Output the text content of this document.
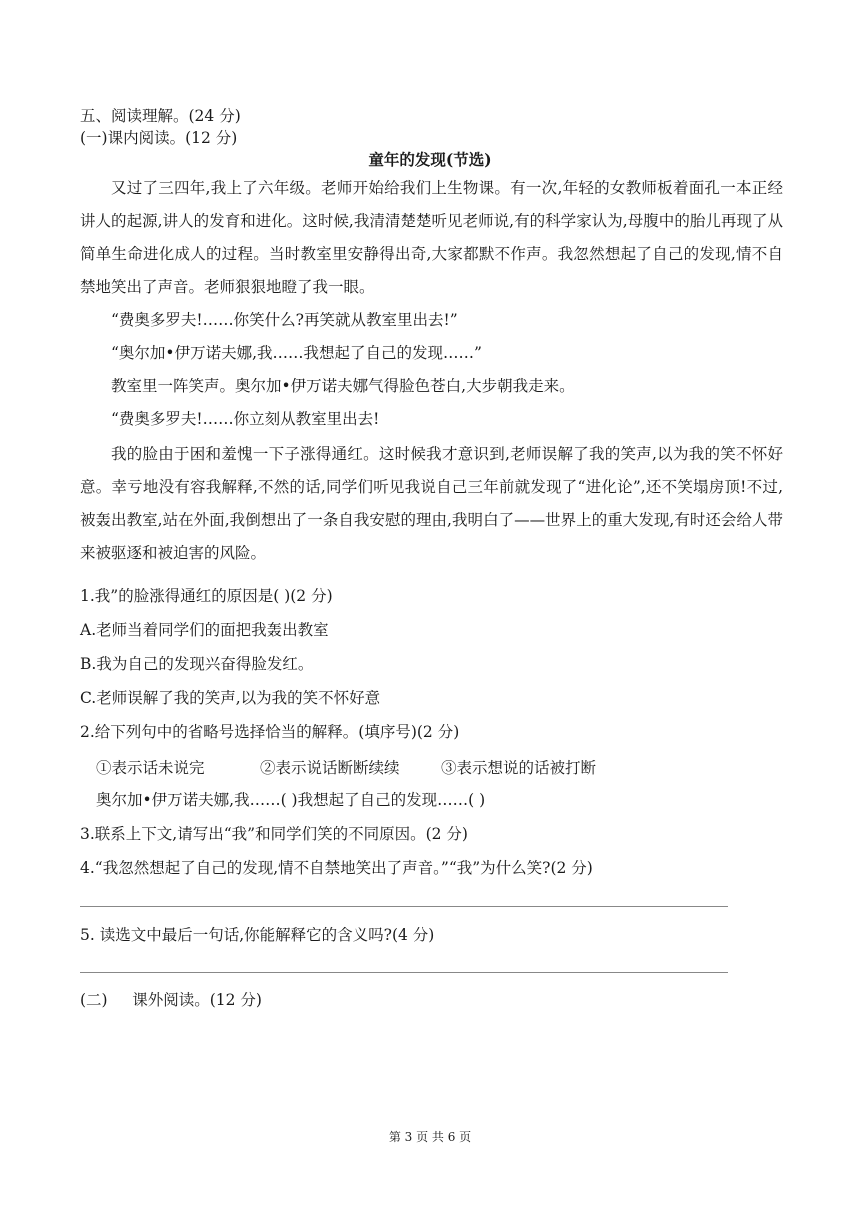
五、阅读理解。(24 分)
(一)课内阅读。(12 分)
童年的发现(节选)
又过了三四年,我上了六年级。老师开始给我们上生物课。有一次,年轻的女教师板着面孔一本正经讲人的起源,讲人的发育和进化。这时候,我清清楚楚听见老师说,有的科学家认为,母腹中的胎儿再现了从简单生命进化成人的过程。当时教室里安静得出奇,大家都默不作声。我忽然想起了自己的发现,情不自禁地笑出了声音。老师狠狠地瞪了我一眼。
“费奥多罗夫!……你笑什么?再笑就从教室里出去!”
“奥尔加•伊万诺夫娜,我……我想起了自己的发现……”
教室里一阵笑声。奥尔加•伊万诺夫娜气得脸色苍白,大步朝我走来。
“费奥多罗夫!……你立刻从教室里出去!
我的脸由于困和羞愧一下子涨得通红。这时候我才意识到,老师误解了我的笑声,以为我的笑不怀好意。幸亏地没有容我解释,不然的话,同学们听见我说自己三年前就发现了“进化论”,还不笑塌房顶!不过,被轰出教室,站在外面,我倒想出了一条自我安慰的理由,我明白了——世界上的重大发现,有时还会给人带来被驱逐和被迫害的风险。
1.我”的脸涨得通红的原因是( )(2 分)
A.老师当着同学们的面把我轰出教室
B.我为自己的发现兴奋得脸发红。
C.老师误解了我的笑声,以为我的笑不怀好意
2.给下列句中的省略号选择恰当的解释。(填序号)(2 分)
①表示话未说完	②表示说话断断续续	③表示想说的话被打断
奥尔加•伊万诺夫娜,我……( )我想起了自己的发现……( )
3.联系上下文,请写出“我”和同学们笑的不同原因。(2 分)
4.“我忽然想起了自己的发现,情不自禁地笑出了声音。”“我”为什么笑?(2 分)
5. 读选文中最后一句话,你能解释它的含义吗?(4 分)
(二)     课外阅读。(12 分)
第 3 页 共 6 页
